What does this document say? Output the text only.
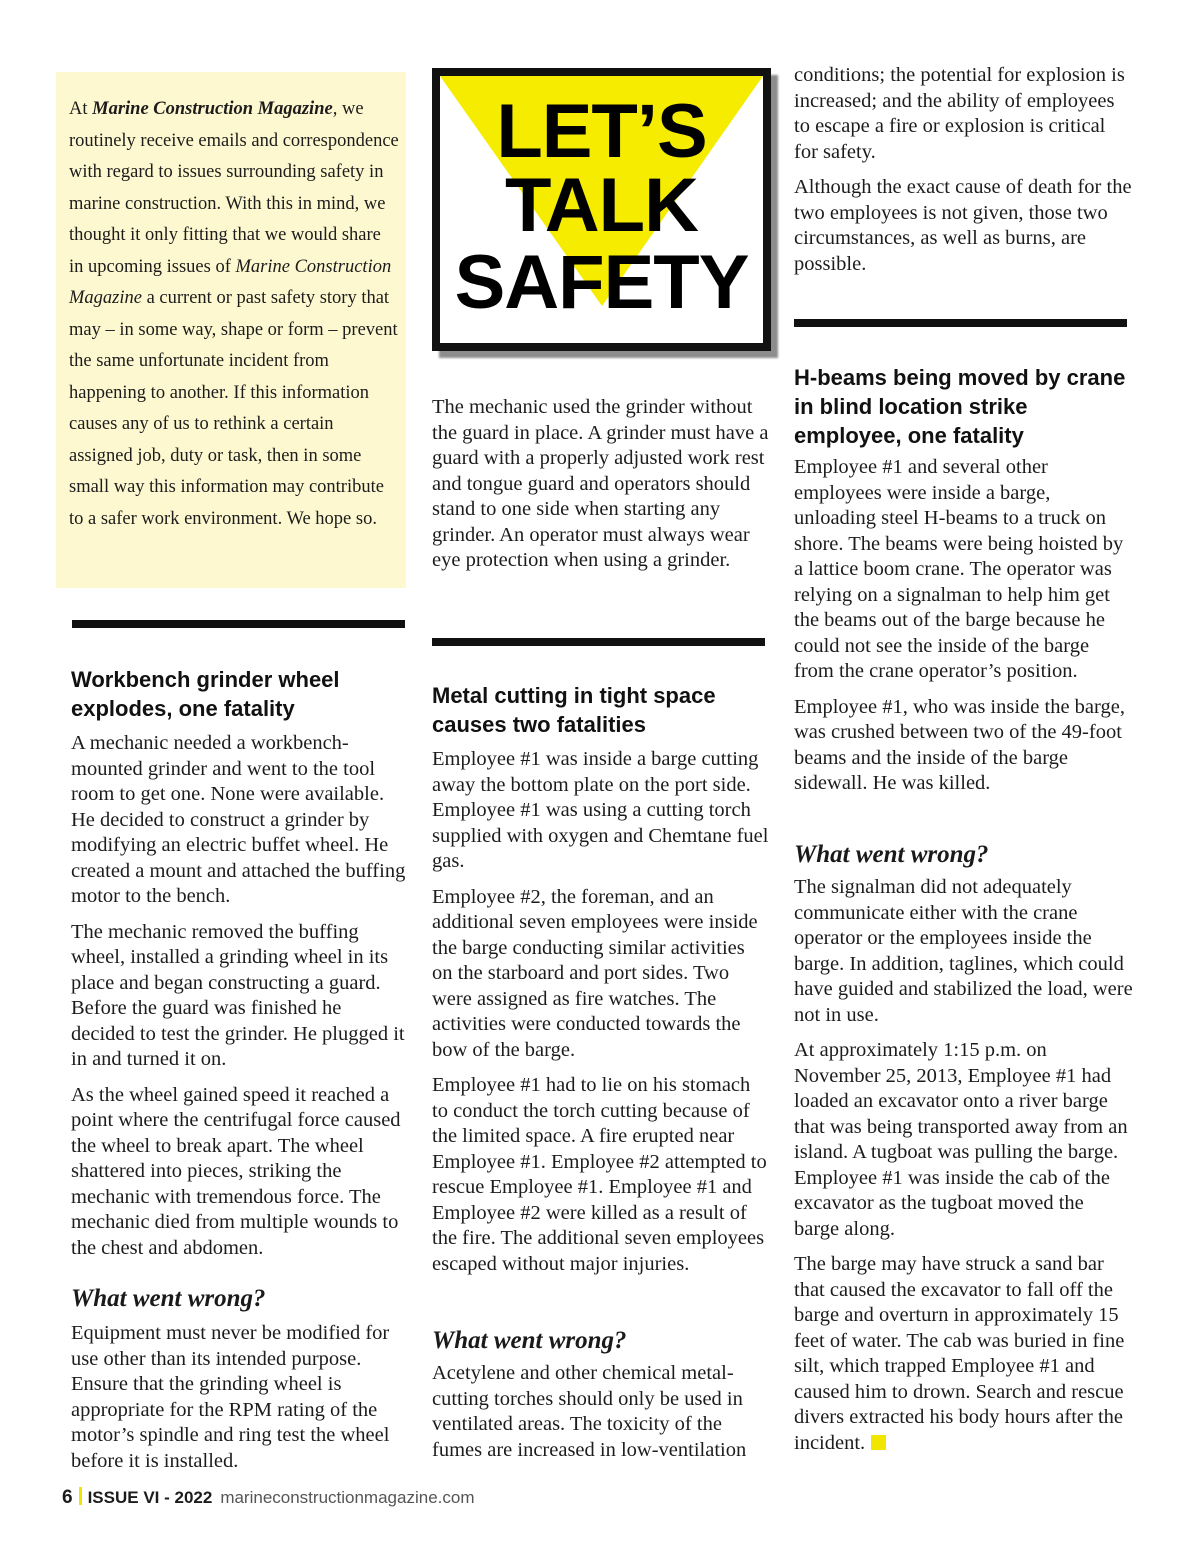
At Marine Construction Magazine, we routinely receive emails and correspondence with regard to issues surrounding safety in marine construction. With this in mind, we thought it only fitting that we would share in upcoming issues of Marine Construction Magazine a current or past safety story that may – in some way, shape or form – prevent the same unfortunate incident from happening to another. If this information causes any of us to rethink a certain assigned job, duty or task, then in some small way this information may contribute to a safer work environment. We hope so.
LET’S
TALK
SAFETY
Workbench grinder wheel explodes, one fatality

A mechanic needed a workbench-mounted grinder and went to the tool room to get one. None were available. He decided to construct a grinder by modifying an electric buffet wheel. He created a mount and attached the buffing motor to the bench.

The mechanic removed the buffing wheel, installed a grinding wheel in its place and began constructing a guard. Before the guard was finished he decided to test the grinder. He plugged it in and turned it on.

As the wheel gained speed it reached a point where the centrifugal force caused the wheel to break apart. The wheel shattered into pieces, striking the mechanic with tremendous force. The mechanic died from multiple wounds to the chest and abdomen.

What went wrong?

Equipment must never be modified for use other than its intended purpose. Ensure that the grinding wheel is appropriate for the RPM rating of the motor’s spindle and ring test the wheel before it is installed.

The mechanic used the grinder without the guard in place. A grinder must have a guard with a properly adjusted work rest and tongue guard and operators should stand to one side when starting any grinder. An operator must always wear eye protection when using a grinder.

Metal cutting in tight space causes two fatalities

Employee #1 was inside a barge cutting away the bottom plate on the port side. Employee #1 was using a cutting torch supplied with oxygen and Chemtane fuel gas.

Employee #2, the foreman, and an additional seven employees were inside the barge conducting similar activities on the starboard and port sides. Two were assigned as fire watches. The activities were conducted towards the bow of the barge.

Employee #1 had to lie on his stomach to conduct the torch cutting because of the limited space. A fire erupted near Employee #1. Employee #2 attempted to rescue Employee #1. Employee #1 and Employee #2 were killed as a result of the fire. The additional seven employees escaped without major injuries.

What went wrong?

Acetylene and other chemical metal-cutting torches should only be used in ventilated areas. The toxicity of the fumes are increased in low-ventilation

conditions; the potential for explosion is increased; and the ability of employees to escape a fire or explosion is critical for safety.

Although the exact cause of death for the two employees is not given, those two circumstances, as well as burns, are possible.

H-beams being moved by crane in blind location strike employee, one fatality

Employee #1 and several other employees were inside a barge, unloading steel H-beams to a truck on shore. The beams were being hoisted by a lattice boom crane. The operator was relying on a signalman to help him get the beams out of the barge because he could not see the inside of the barge from the crane operator’s position.

Employee #1, who was inside the barge, was crushed between two of the 49-foot beams and the inside of the barge sidewall. He was killed.

What went wrong?

The signalman did not adequately communicate either with the crane operator or the employees inside the barge. In addition, taglines, which could have guided and stabilized the load, were not in use.

At approximately 1:15 p.m. on November 25, 2013, Employee #1 had loaded an excavator onto a river barge that was being transported away from an island. A tugboat was pulling the barge. Employee #1 was inside the cab of the excavator as the tugboat moved the barge along.

The barge may have struck a sand bar that caused the excavator to fall off the barge and overturn in approximately 15 feet of water. The cab was buried in fine silt, which trapped Employee #1 and caused him to drown. Search and rescue divers extracted his body hours after the incident.

6 ISSUE VI - 2022 marineconstructionmagazine.com
